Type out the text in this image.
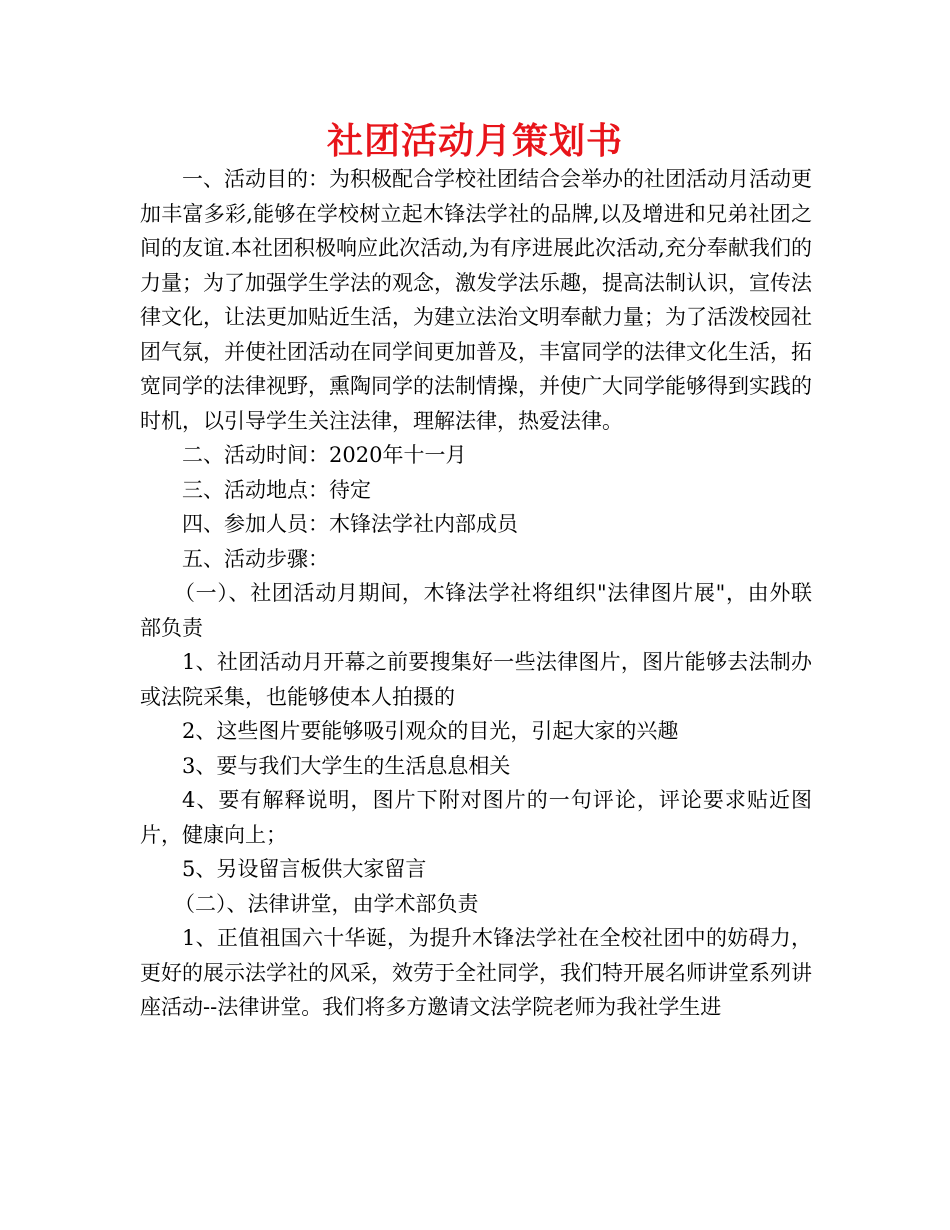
社团活动月策划书

一、活动目的：为积极配合学校社团结合会举办的社团活动月活动更加丰富多彩,能够在学校树立起木锋法学社的品牌,以及增进和兄弟社团之间的友谊.本社团积极响应此次活动,为有序进展此次活动,充分奉献我们的力量；为了加强学生学法的观念，激发学法乐趣，提高法制认识，宣传法律文化，让法更加贴近生活，为建立法治文明奉献力量；为了活泼校园社团气氛，并使社团活动在同学间更加普及，丰富同学的法律文化生活，拓宽同学的法律视野，熏陶同学的法制情操，并使广大同学能够得到实践的时机，以引导学生关注法律，理解法律，热爱法律。

二、活动时间：2020年十一月

三、活动地点：待定

四、参加人员：木锋法学社内部成员

五、活动步骤：

（一）、社团活动月期间，木锋法学社将组织"法律图片展"，由外联部负责

1、社团活动月开幕之前要搜集好一些法律图片，图片能够去法制办或法院采集，也能够使本人拍摄的

2、这些图片要能够吸引观众的目光，引起大家的兴趣

3、要与我们大学生的生活息息相关

4、要有解释说明，图片下附对图片的一句评论，评论要求贴近图片，健康向上；

5、另设留言板供大家留言

（二）、法律讲堂，由学术部负责

1、正值祖国六十华诞，为提升木锋法学社在全校社团中的妨碍力，更好的展示法学社的风采，效劳于全社同学，我们特开展名师讲堂系列讲座活动--法律讲堂。我们将多方邀请文法学院老师为我社学生进
